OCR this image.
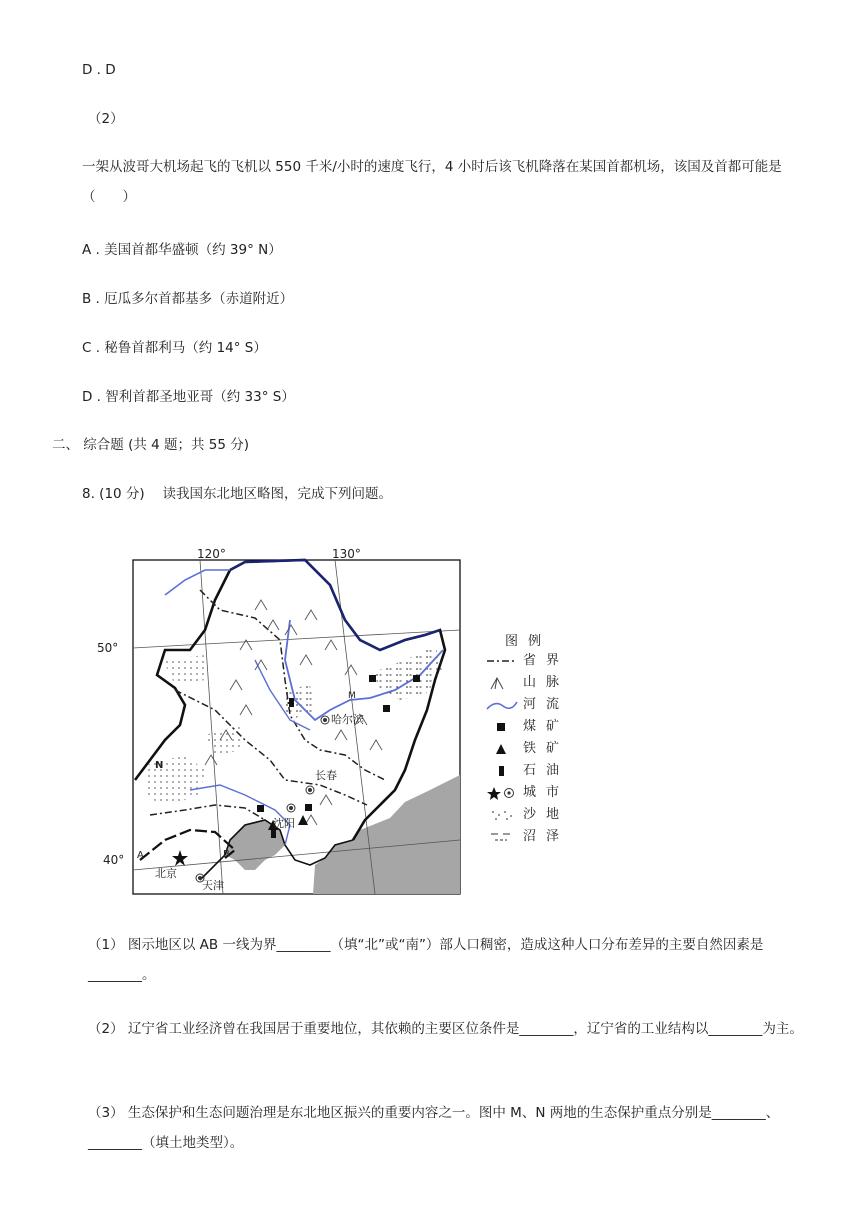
D . D
（2）
一架从波哥大机场起飞的飞机以 550 千米/小时的速度飞行，4 小时后该飞机降落在某国首都机场，该国及首都可能是（　　）
A . 美国首都华盛顿（约 39° N）
B . 厄瓜多尔首都基多（赤道附近）
C . 秘鲁首都利马（约 14° S）
D . 智利首都圣地亚哥（约 33° S）
二、 综合题 (共 4 题；共 55 分)
8. (10 分)　 读我国东北地区略图，完成下列问题。
120°	130°
50°
40°
哈尔滨
长春
沈阳
北京
天津
A	B
M
N
图例
省界
山脉
河流
煤矿
铁矿
石油
城市
沙地
沼泽
（1） 图示地区以 AB 一线为界________（填“北”或“南”）部人口稠密，造成这种人口分布差异的主要自然因素是________。
（2） 辽宁省工业经济曾在我国居于重要地位，其依赖的主要区位条件是________，辽宁省的工业结构以________为主。
（3） 生态保护和生态问题治理是东北地区振兴的重要内容之一。图中 M、N 两地的生态保护重点分别是________、________（填土地类型）。
